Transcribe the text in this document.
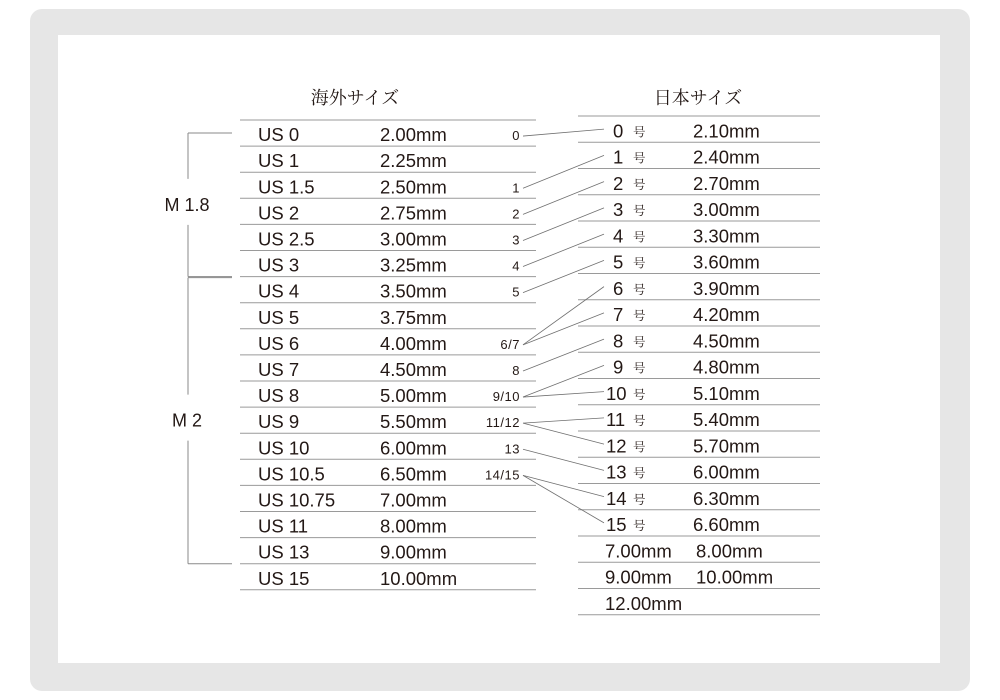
海外サイズ	日本サイズ
M 1.8
M 2
US 0	2.00mm	0
US 1	2.25mm
US 1.5	2.50mm	1
US 2	2.75mm	2
US 2.5	3.00mm	3
US 3	3.25mm	4
US 4	3.50mm	5
US 5	3.75mm
US 6	4.00mm	6/7
US 7	4.50mm	8
US 8	5.00mm	9/10
US 9	5.50mm	11/12
US 10	6.00mm	13
US 10.5	6.50mm	14/15
US 10.75 7.00mm
US 11	8.00mm
US 13	9.00mm
US 15	10.00mm
0 号	2.10mm
1 号	2.40mm
2 号	2.70mm
3 号	3.00mm
4 号	3.30mm
5 号	3.60mm
6 号	3.90mm
7 号	4.20mm
8 号	4.50mm
9 号	4.80mm
10 号	5.10mm
11 号	5.40mm
12 号	5.70mm
13 号	6.00mm
14 号	6.30mm
15 号	6.60mm
7.00mm 8.00mm
9.00mm 10.00mm
12.00mm
